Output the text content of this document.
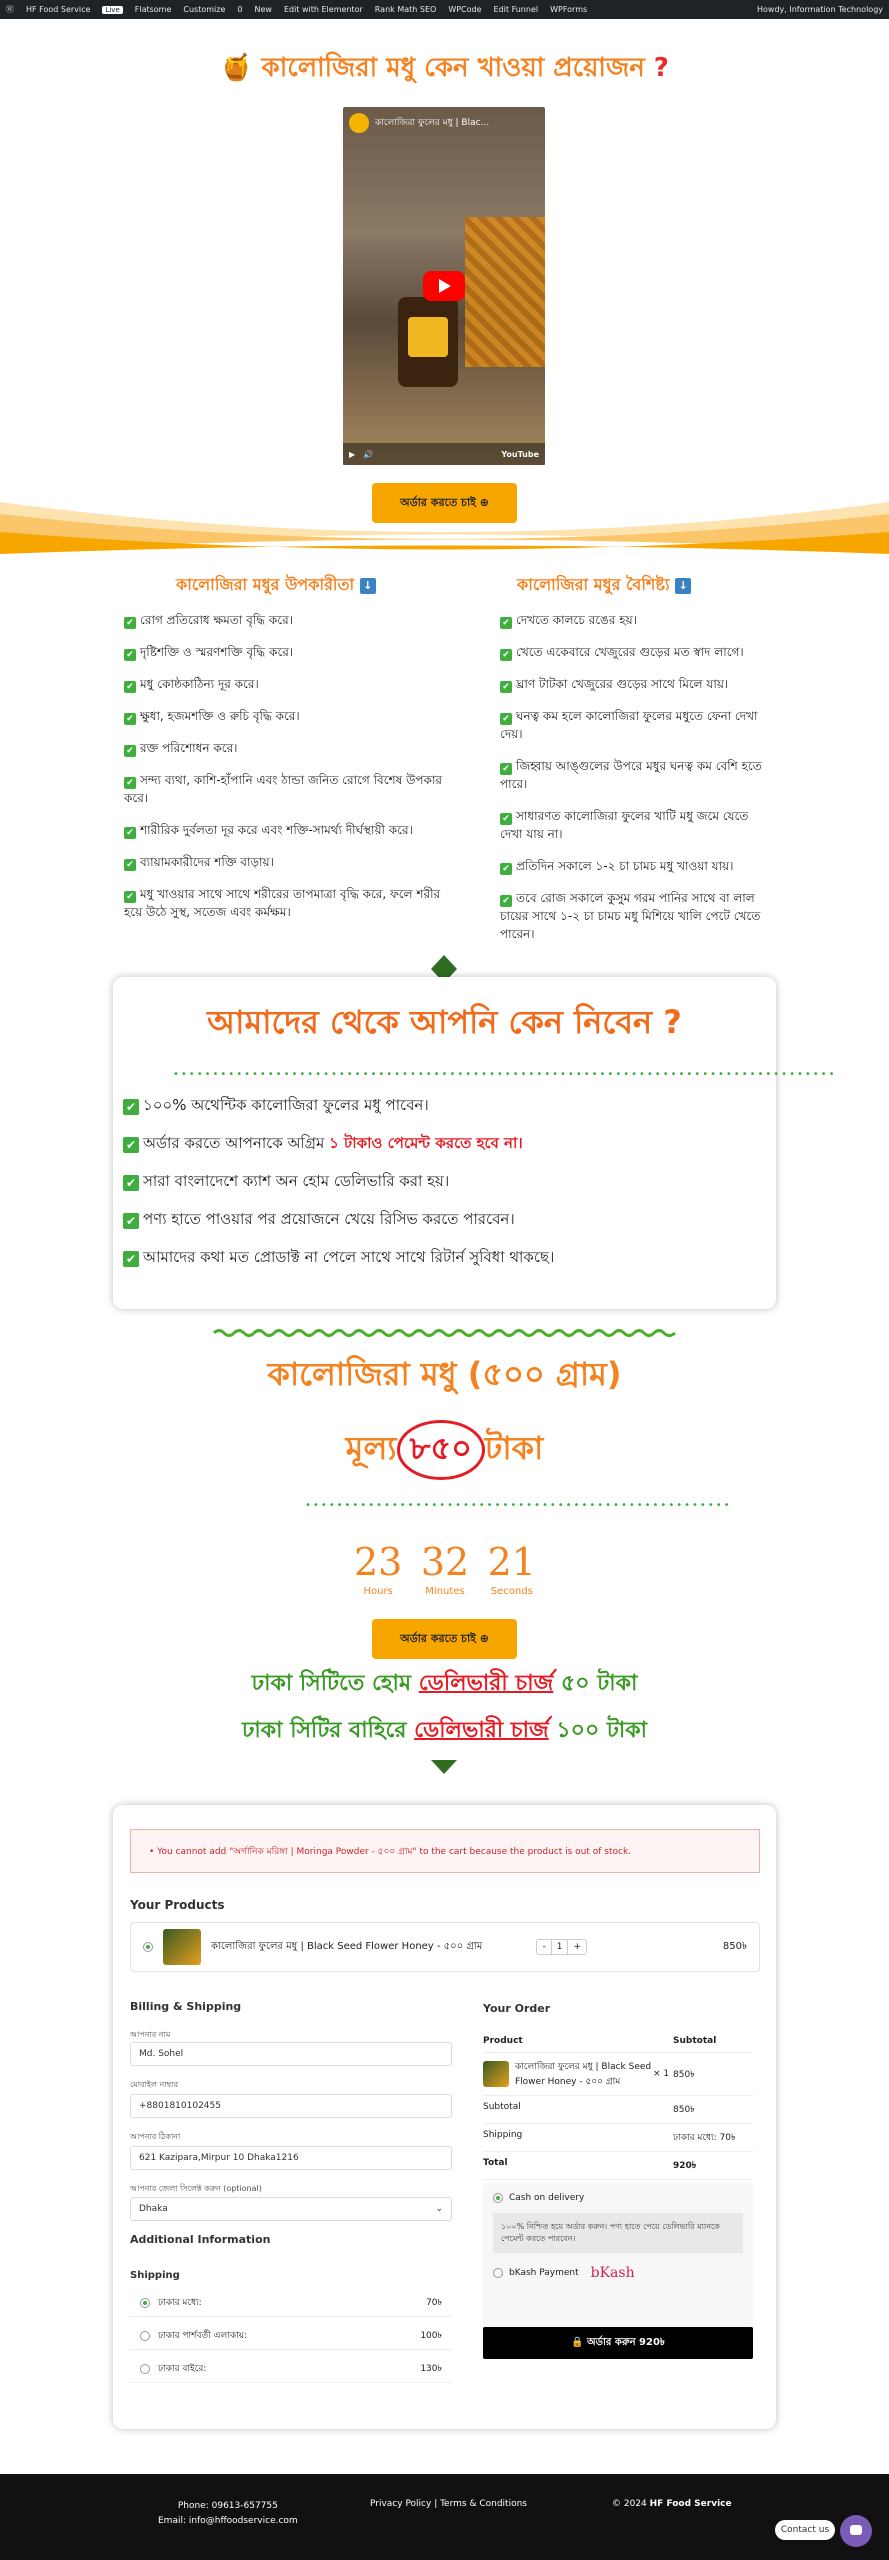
Ⓦ HF Food Service	Live	Flatsome Customize 0 New Edit with Elementor Rank Math SEO WPCode Edit Funnel WPForms	Howdy, Information Technology
🍯 কালোজিরা মধু কেন খাওয়া প্রয়োজন ?
কালোজিরা ফুলের মধু | Blac...
▶ 🔊	YouTube
অর্ডার করতে চাই ⊕
কালোজিরা মধুর উপকারীতা ↓
✔ রোগ প্রতিরোধ ক্ষমতা বৃদ্ধি করে।
✔ দৃষ্টিশক্তি ও স্মরণশক্তি বৃদ্ধি করে।
✔ মধু কোষ্ঠকাঠিন্য দূর করে।
✔ ক্ষুধা, হজমশক্তি ও রুচি বৃদ্ধি করে।
✔ রক্ত পরিশোধন করে।
✔ সন্দ্য ব্যথা, কাশি-হাঁপানি এবং ঠান্ডা জনিত রোগে বিশেষ উপকার করে।
✔ শারীরিক দুর্বলতা দূর করে এবং শক্তি-সামর্থ্য দীর্ঘস্থায়ী করে।
✔ ব্যায়ামকারীদের শক্তি বাড়ায়।
✔ মধু খাওয়ার সাথে সাথে শরীরের তাপমাত্রা বৃদ্ধি করে, ফলে শরীর হয়ে উঠে সুস্থ, সতেজ এবং কর্মক্ষম।
কালোজিরা মধুর বৈশিষ্ট্য ↓
✔ দেখতে কালচে রঙের হয়।
✔ খেতে একেবারে খেজুরের গুড়ের মত স্বাদ লাগে।
✔ ঘ্রাণ টাটকা খেজুরের গুড়ের সাথে মিলে যায়।
✔ ঘনত্ব কম হলে কালোজিরা ফুলের মধুতে ফেনা দেখা দেয়।
✔ জিহ্বায় আঙ্গুলের উপরে মধুর ঘনত্ব কম বেশি হতে পারে।
✔ সাধারণত কালোজিরা ফুলের খাটি মধু জমে যেতে দেখা যায় না।
✔ প্রতিদিন সকালে ১-২ চা চামচ মধু খাওয়া যায়।
✔ তবে রোজ সকালে কুসুম গরম পানির সাথে বা লাল চায়ের সাথে ১-২ চা চামচ মধু মিশিয়ে খালি পেটে খেতে পারেন।
আমাদের থেকে আপনি কেন নিবেন ?
••••••••••••••••••••••••••••••••••••••••••••••••••••••••••••••••••••••••••••••••••••
✔ ১০০% অথেন্টিক কালোজিরা ফুলের মধু পাবেন।
✔ অর্ডার করতে আপনাকে অগ্রিম ১ টাকাও পেমেন্ট করতে হবে না।
✔ সারা বাংলাদেশে ক্যাশ অন হোম ডেলিভারি করা হয়।
✔ পণ্য হাতে পাওয়ার পর প্রয়োজনে খেয়ে রিসিভ করতে পারবেন।
✔ আমাদের কথা মত প্রোডাক্ট না পেলে সাথে সাথে রিটার্ন সুবিধা থাকছে।
কালোজিরা মধু (৫০০ গ্রাম)
মূল্য ৮৫০ টাকা
••••••••••••••••••••••••••••••••••••••••••••••••••••••
23
Hours
32
Minutes
21
Seconds
অর্ডার করতে চাই ⊕
ঢাকা সিটিতে হোম ডেলিভারী চার্জ ৫০ টাকা
ঢাকা সিটির বাহিরে ডেলিভারী চার্জ ১০০ টাকা
• You cannot add "অর্গানিক মরিঙ্গা | Moringa Powder - ৫০০ গ্রাম" to the cart because the product is out of stock.
Your Products
কালোজিরা ফুলের মধু | Black Seed Flower Honey - ৫০০ গ্রাম	-	1	+	850৳
Billing & Shipping
আপনার নাম
Md. Sohel
মোবাইল নাম্বার
+8801810102455
আপনার ঠিকানা
621 Kazipara,Mirpur 10 Dhaka1216
আপনার জেলা সিলেক্ট করুন (optional)
Dhaka	⌄
Additional Information
Shipping
ঢাকার মধ্যে:	70৳
ঢাকার পার্শবর্তী এলাকায়:	100৳
ঢাকার বাইরে:	130৳
Your Order
Product	Subtotal
কালোজিরা ফুলের মধু | Black Seed Flower Honey - ৫০০ গ্রাম
× 1 850৳
Subtotal	850৳
Shipping	ঢাকার মধ্যে: 70৳
Total	920৳
Cash on delivery
১০০% নিশ্চিত হয়ে অর্ডার করুন। পণ্য হাতে পেয়ে ডেলিভারি ম্যানকে পেমেন্ট করতে পারবেন।
bKash Payment bKash
🔒 অর্ডার করুন 920৳
Phone: 09613-657755
Email: info@hffoodservice.com
Privacy Policy | Terms & Conditions	© 2024 HF Food Service
Contact us
